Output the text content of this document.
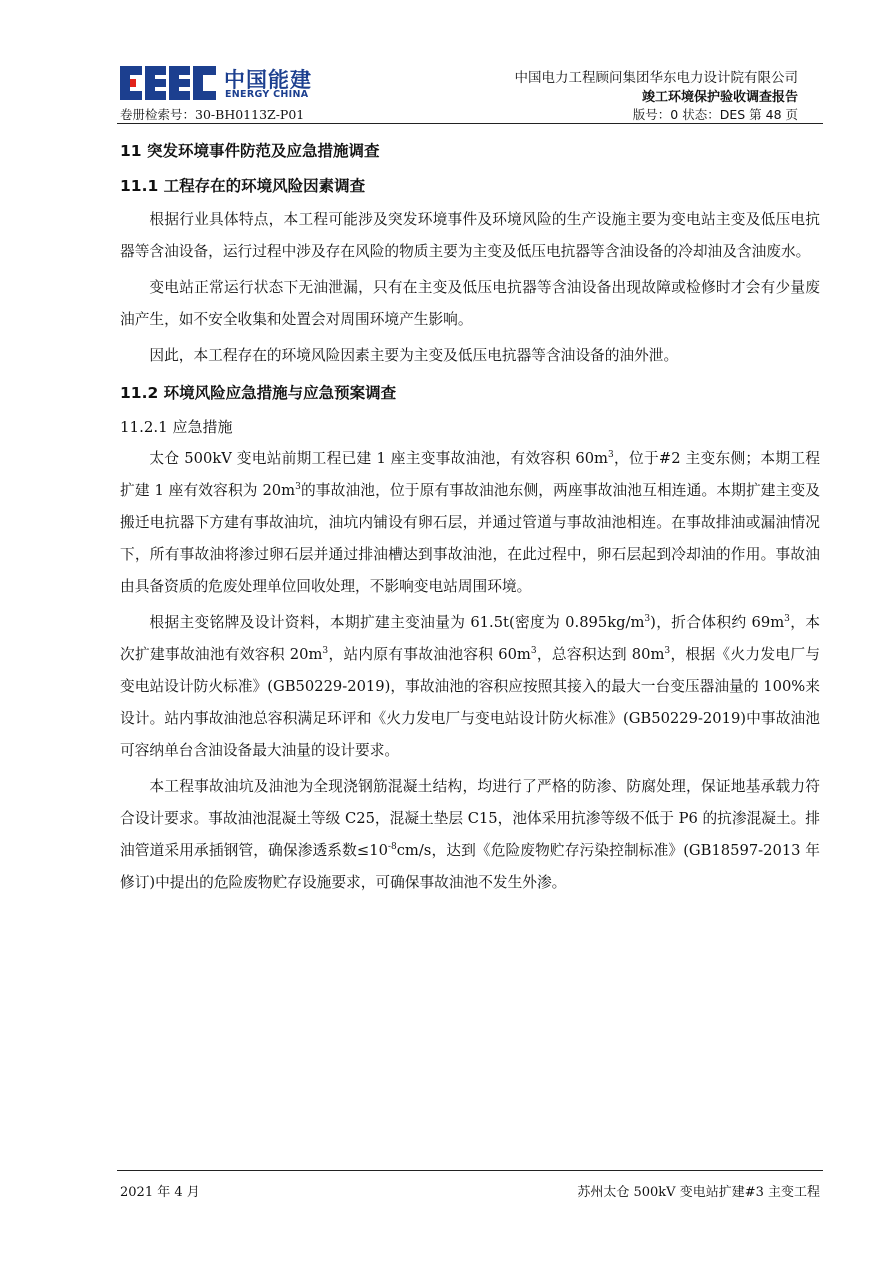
中国能建
ENERGY CHINA
中国电力工程顾问集团华东电力设计院有限公司
竣工环境保护验收调查报告
卷册检索号：30-BH0113Z-P01	版号：0 状态：DES 第 48 页
11 突发环境事件防范及应急措施调查
11.1 工程存在的环境风险因素调查

根据行业具体特点，本工程可能涉及突发环境事件及环境风险的生产设施主要为变电站主变及低压电抗器等含油设备，运行过程中涉及存在风险的物质主要为主变及低压电抗器等含油设备的冷却油及含油废水。

变电站正常运行状态下无油泄漏，只有在主变及低压电抗器等含油设备出现故障或检修时才会有少量废油产生，如不安全收集和处置会对周围环境产生影响。

因此，本工程存在的环境风险因素主要为主变及低压电抗器等含油设备的油外泄。

11.2 环境风险应急措施与应急预案调查
11.2.1 应急措施

太仓 500kV 变电站前期工程已建 1 座主变事故油池，有效容积 $60m^3$，位于#2 主变东侧；本期工程扩建 1 座有效容积为 $20m^3$的事故油池，位于原有事故油池东侧，两座事故油池互相连通。本期扩建主变及搬迁电抗器下方建有事故油坑，油坑内铺设有卵石层，并通过管道与事故油池相连。在事故排油或漏油情况下，所有事故油将渗过卵石层并通过排油槽达到事故油池，在此过程中，卵石层起到冷却油的作用。事故油由具备资质的危废处理单位回收处理，不影响变电站周围环境。

根据主变铭牌及设计资料，本期扩建主变油量为 61.5t(密度为 $0.895kg/m^3$)，折合体积约 $69m^3$，本次扩建事故油池有效容积 $20m^3$，站内原有事故油池容积 $60m^3$，总容积达到 $80m^3$，根据《火力发电厂与变电站设计防火标准》(GB50229-2019)，事故油池的容积应按照其接入的最大一台变压器油量的 100%来设计。站内事故油池总容积满足环评和《火力发电厂与变电站设计防火标准》(GB50229-2019)中事故油池可容纳单台含油设备最大油量的设计要求。

本工程事故油坑及油池为全现浇钢筋混凝土结构，均进行了严格的防渗、防腐处理，保证地基承载力符合设计要求。事故油池混凝土等级 C25，混凝土垫层 C15，池体采用抗渗等级不低于 P6 的抗渗混凝土。排油管道采用承插钢管，确保渗透系数$\le 10^{-8}cm/s$，达到《危险废物贮存污染控制标准》(GB18597-2013 年修订)中提出的危险废物贮存设施要求，可确保事故油池不发生外渗。

2021 年 4 月	苏州太仓 500kV 变电站扩建#3 主变工程
